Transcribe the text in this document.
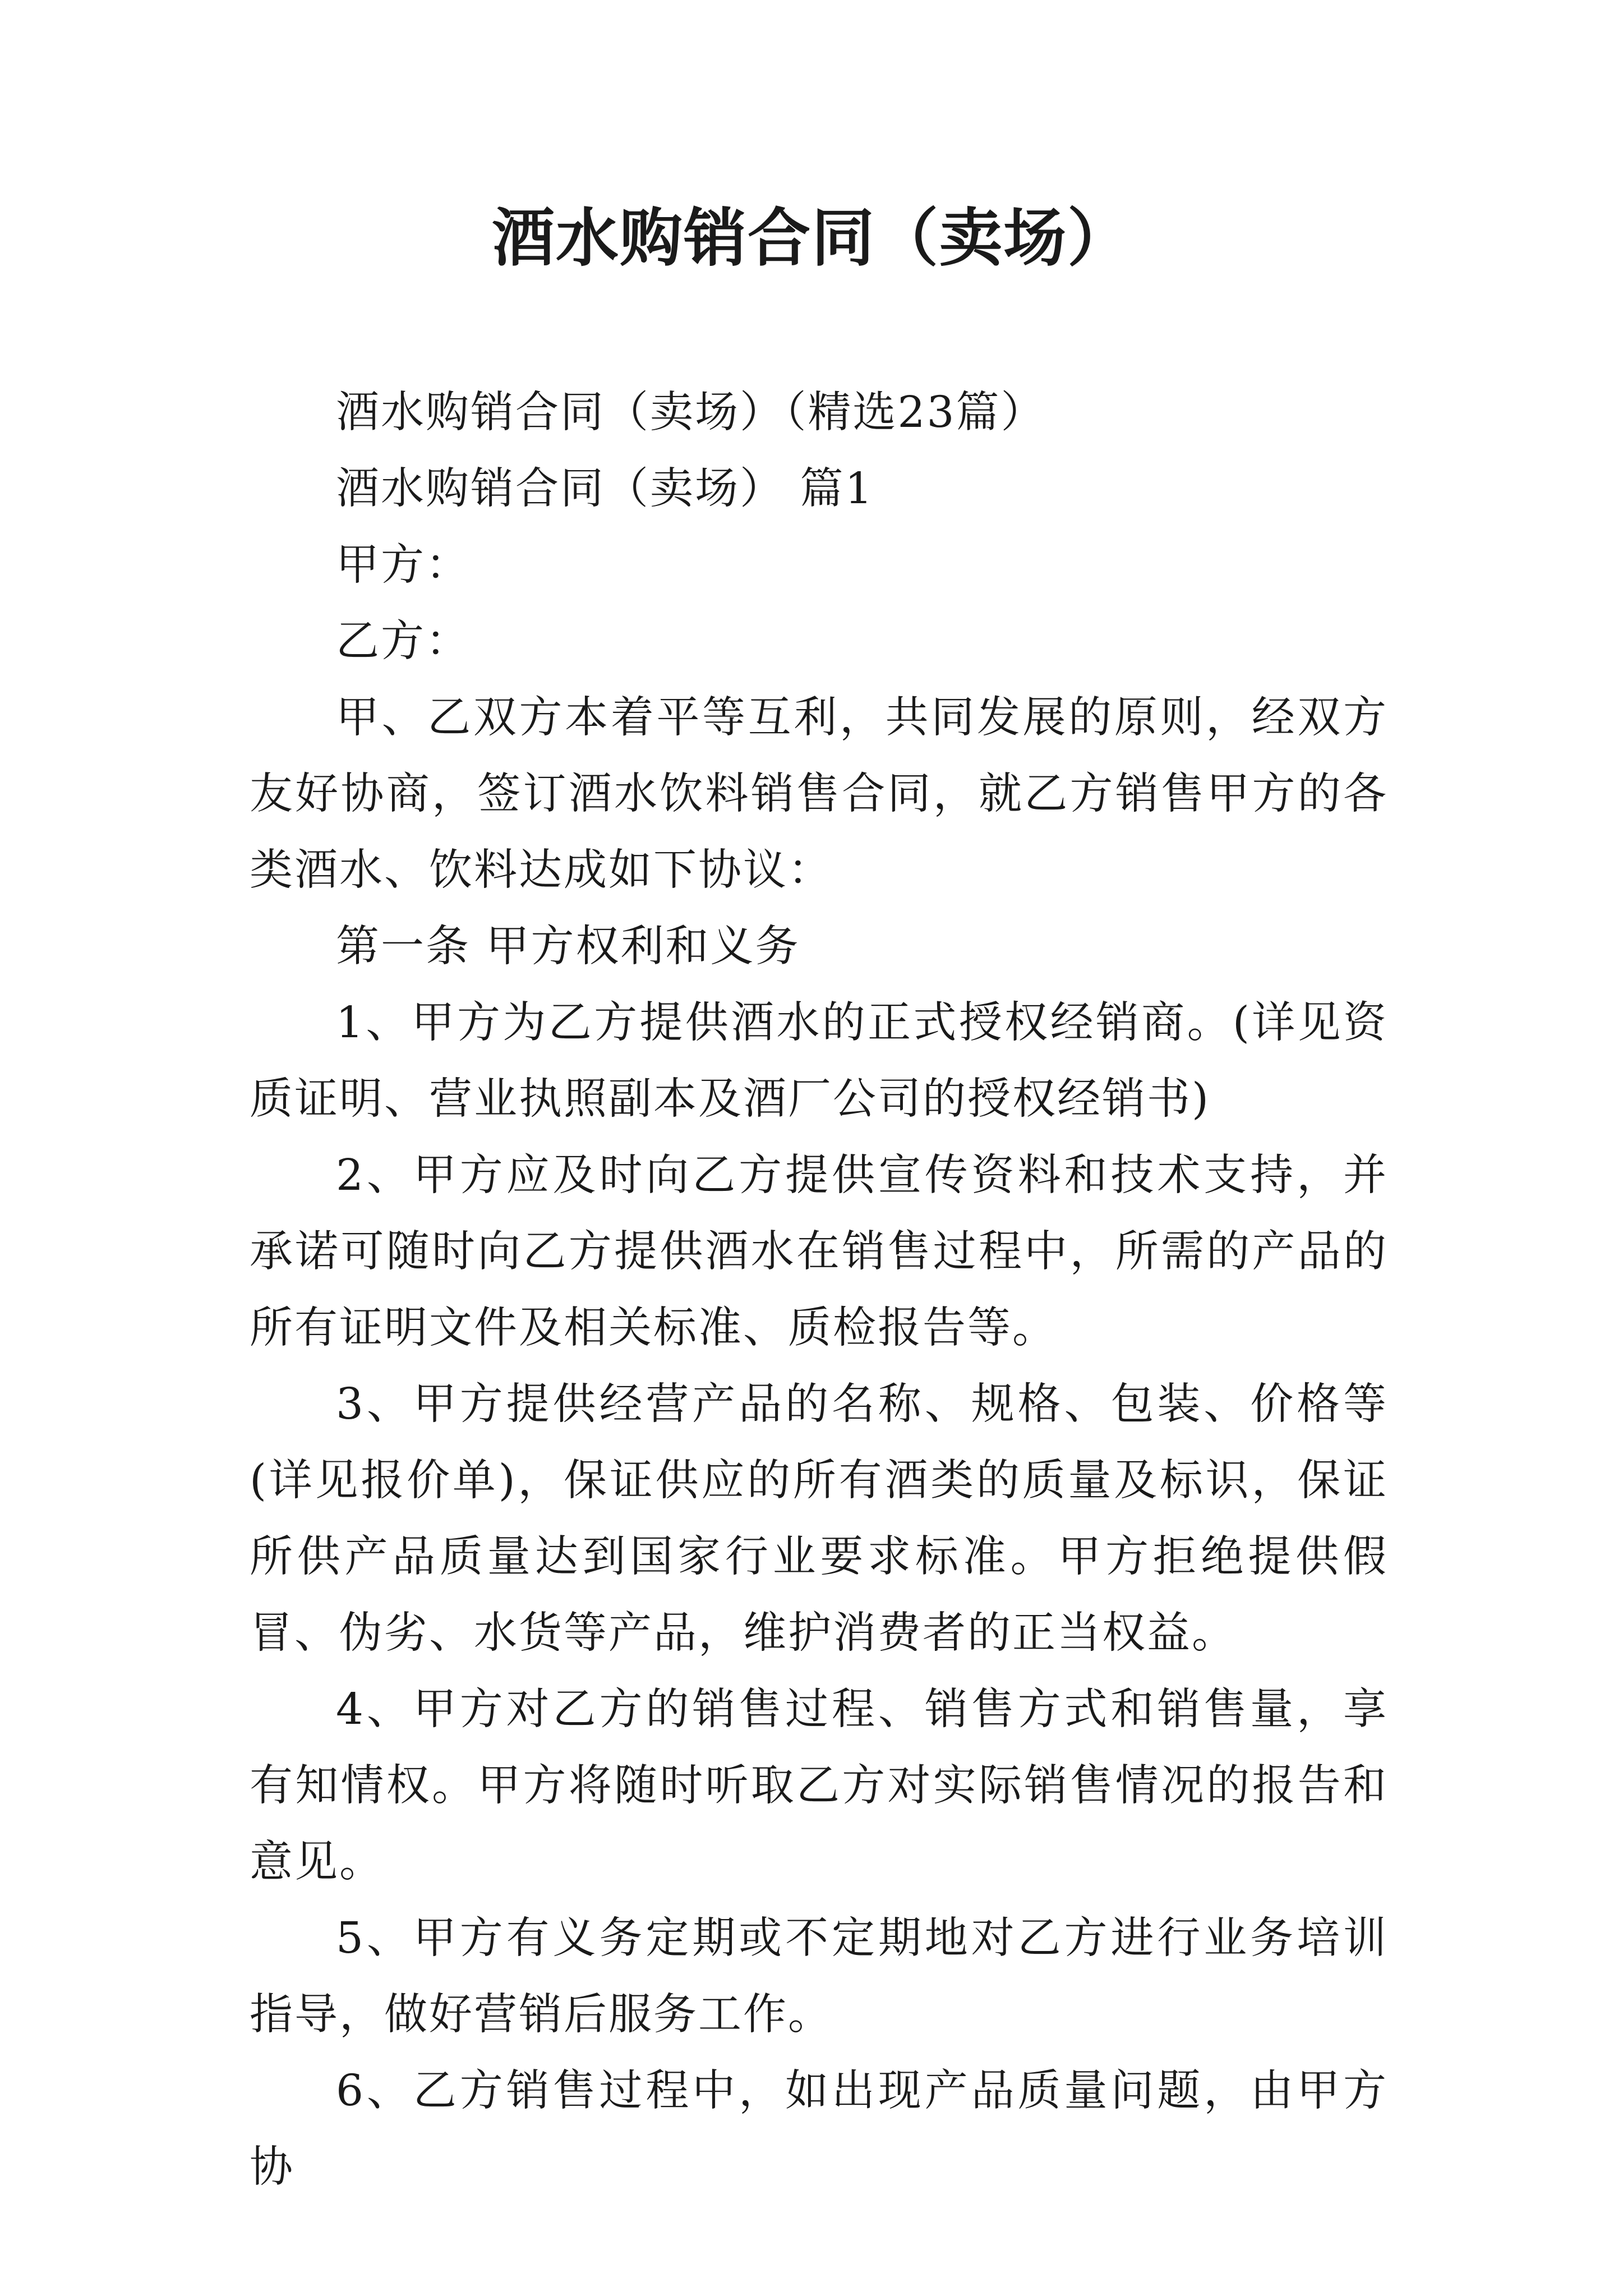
酒水购销合同（卖场）

酒水购销合同（卖场）（精选23篇）

酒水购销合同（卖场） 篇1

甲方：

乙方：

甲、乙双方本着平等互利，共同发展的原则，经双方友好协商，签订酒水饮料销售合同，就乙方销售甲方的各类酒水、饮料达成如下协议：

第一条 甲方权利和义务

1、甲方为乙方提供酒水的正式授权经销商。(详见资质证明、营业执照副本及酒厂公司的授权经销书)

2、甲方应及时向乙方提供宣传资料和技术支持，并承诺可随时向乙方提供酒水在销售过程中，所需的产品的所有证明文件及相关标准、质检报告等。

3、甲方提供经营产品的名称、规格、包装、价格等(详见报价单)，保证供应的所有酒类的质量及标识，保证所供产品质量达到国家行业要求标准。甲方拒绝提供假冒、伪劣、水货等产品，维护消费者的正当权益。

4、甲方对乙方的销售过程、销售方式和销售量，享有知情权。甲方将随时听取乙方对实际销售情况的报告和意见。

5、甲方有义务定期或不定期地对乙方进行业务培训指导，做好营销后服务工作。

6、乙方销售过程中，如出现产品质量问题，由甲方协
